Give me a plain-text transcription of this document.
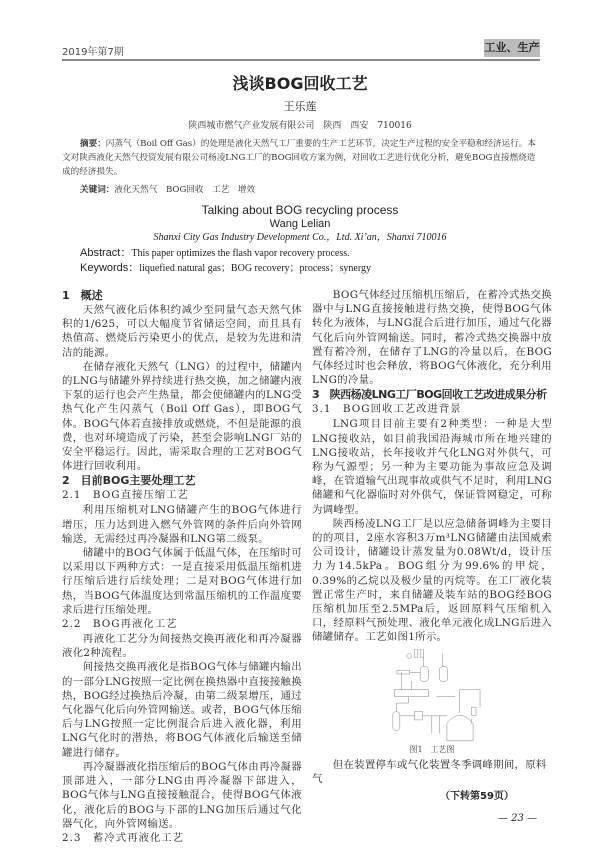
2019年第7期	工业、生产
浅谈BOG回收工艺
王乐莲
陕西城市燃气产业发展有限公司　陕西　西安　710016
摘要：闪蒸气（Boil Off Gas）的处理是液化天然气工厂重要的生产工艺环节，决定生产过程的安全平稳和经济运行。本文对陕西液化天然气投资发展有限公司杨凌LNG工厂的BOG回收方案为例，对回收工艺进行优化分析，避免BOG直接燃烧造成的经济损失。
关键词：液化天然气　BOG回收　工艺　增效
Talking about BOG recycling process
Wang Lelian
Shanxi City Gas Industry Development Co.，Ltd. Xi’an，Shanxi 710016
Abstract：This paper optimizes the flash vapor recovery process.
Keywords：liquefied natural gas；BOG recovery；process；synergy
1　概述

天然气液化后体积约减少至同量气态天然气体积的1/625，可以大幅度节省储运空间，而且具有热值高、燃烧后污染更小的优点，是较为先进和清洁的能源。

在储存液化天然气（LNG）的过程中，储罐内的LNG与储罐外界持续进行热交换，加之储罐内液下泵的运行也会产生热量，都会使储罐内的LNG受热气化产生闪蒸气（Boil Off Gas），即BOG气体。BOG气体若直接排放或燃烧，不但是能源的浪费，也对环境造成了污染，甚至会影响LNG厂站的安全平稳运行。因此，需采取合理的工艺对BOG气体进行回收利用。

2　目前BOG主要处理工艺
2.1　BOG直接压缩工艺

利用压缩机对LNG储罐产生的BOG气体进行增压，压力达到进入燃气外管网的条件后向外管网输送，无需经过再冷凝器和LNG第二级泵。

储罐中的BOG气体属于低温气体，在压缩时可以采用以下两种方式：一是直接采用低温压缩机进行压缩后进行后续处理；二是对BOG气体进行加热，当BOG气体温度达到常温压缩机的工作温度要求后进行压缩处理。

2.2　BOG再液化工艺

再液化工艺分为间接热交换再液化和再冷凝器液化2种流程。

间接热交换再液化是指BOG气体与储罐内输出的一部分LNG按照一定比例在换热器中直接接触换热，BOG经过换热后冷凝，由第二级泵增压，通过气化器气化后向外管网输送。或者，BOG气体压缩后与LNG按照一定比例混合后进入液化器，利用LNG气化时的潜热，将BOG气体液化后输送至储罐进行储存。

再冷凝器液化指压缩后的BOG气体由再冷凝器顶部进入，一部分LNG由再冷凝器下部进入，BOG气体与LNG直接接触混合，使得BOG气体液化，液化后的BOG与下部的LNG加压后通过气化器气化，向外管网输送。

2.3　蓄冷式再液化工艺

BOG气体经过压缩机压缩后，在蓄冷式热交换器中与LNG直接接触进行热交换，使得BOG气体转化为液体，与LNG混合后进行加压，通过气化器气化后向外管网输送。同时，蓄冷式热交换器中放置有蓄冷剂，在储存了LNG的冷量以后，在BOG气体经过时也会释放，将BOG气体液化，充分利用LNG的冷量。

3　陕西杨凌LNG工厂BOG回收工艺改进成果分析
3.1　BOG回收工艺改进背景

LNG项目目前主要有2种类型：一种是大型LNG接收站，如目前我国沿海城市所在地兴建的LNG接收站，长年接收并气化LNG对外供气，可称为气源型；另一种为主要功能为事故应急及调峰，在管道输气出现事故或供气不足时，利用LNG储罐和气化器临时对外供气，保证管网稳定，可称为调峰型。

陕西杨凌LNG工厂是以应急储备调峰为主要目的的项目，2座水容积3万m³LNG储罐由法国威索公司设计，储罐设计蒸发量为0.08Wt/d，设计压力为14.5kPa。BOG组分为99.6%的甲烷，0.39%的乙烷以及极少量的丙烷等。在工厂液化装置正常生产时，来自储罐及装车站的BOG经BOG压缩机加压至2.5MPa后，返回原料气压缩机入口，经原料气预处理、液化单元液化成LNG后进入储罐储存。工艺如图1所示。

图1　工艺图
但在装置停车或气化装置冬季调峰期间，原料气
（下转第59页）
— 23 —
